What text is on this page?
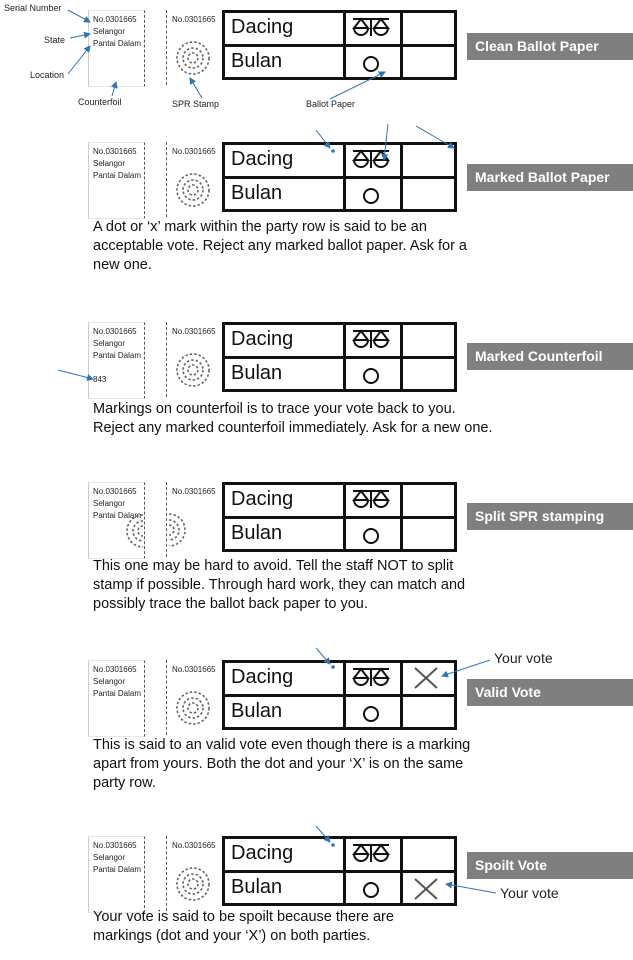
No.0301665
Selangor
Pantai Dalam
No.0301665 Dacing
Bulan
Clean Ballot Paper
Serial Number
State
Location
Counterfoil	SPR Stamp	Ballot Paper
No.0301665
Selangor
Pantai Dalam
No.0301665 Dacing
Bulan
Marked Ballot Paper
A dot or ‘x’ mark within the party row is said to be an acceptable vote. Reject any marked ballot paper. Ask for a new one.
No.0301665
Selangor
Pantai Dalam
843
No.0301665 Dacing
Bulan
Marked Counterfoil
Markings on counterfoil is to trace your vote back to you. Reject any marked counterfoil immediately. Ask for a new one.
No.0301665
Selangor
Pantai Dalam
No.0301665 Dacing
Bulan
Split SPR stamping
This one may be hard to avoid. Tell the staff NOT to split stamp if possible. Through hard work, they can match and possibly trace the ballot back paper to you.
No.0301665
Selangor
Pantai Dalam
No.0301665 Dacing
Bulan
Valid Vote
Your vote
This is said to an valid vote even though there is a marking apart from yours. Both the dot and your ‘X’ is on the same party row.
No.0301665
Selangor
Pantai Dalam
No.0301665 Dacing
Bulan
Spoilt Vote
Your vote
Your vote is said to be spoilt because there are markings (dot and your ‘X’) on both parties.
